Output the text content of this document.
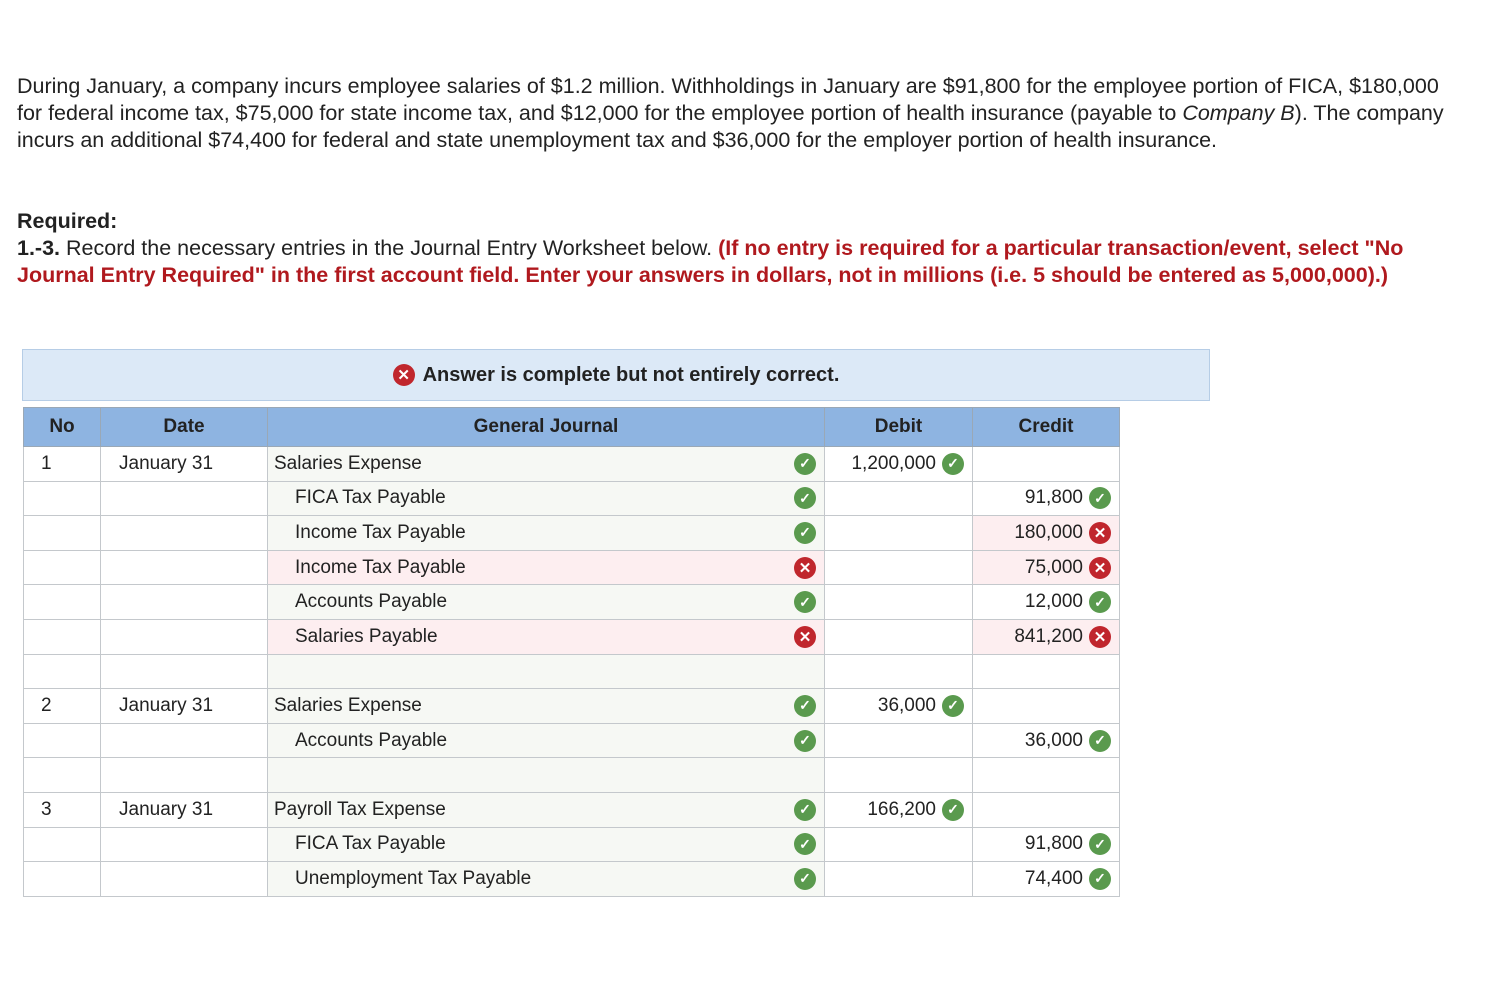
During January, a company incurs employee salaries of $1.2 million. Withholdings in January are $91,800 for the employee portion of FICA, $180,000 for federal income tax, $75,000 for state income tax, and $12,000 for the employee portion of health insurance (payable to Company B). The company incurs an additional $74,400 for federal and state unemployment tax and $36,000 for the employer portion of health insurance.

Required:
1.-3. Record the necessary entries in the Journal Entry Worksheet below. (If no entry is required for a particular transaction/event, select "No Journal Entry Required" in the first account field. Enter your answers in dollars, not in millions (i.e. 5 should be entered as 5,000,000).)
✕ Answer is complete but not entirely correct.
No	Date	General Journal	Debit	Credit
1	January 31	Salaries Expense ✓	1,200,000 ✓	

		FICA Tax Payable ✓		91,800 ✓

		Income Tax Payable ✓		180,000 ✕

		Income Tax Payable ✕		75,000 ✕

		Accounts Payable ✓		12,000 ✓

		Salaries Payable ✕		841,200 ✕

2	January 31	Salaries Expense ✓	36,000 ✓	

		Accounts Payable ✓		36,000 ✓

3	January 31	Payroll Tax Expense ✓	166,200 ✓	

		FICA Tax Payable ✓		91,800 ✓

		Unemployment Tax Payable ✓		74,400 ✓
